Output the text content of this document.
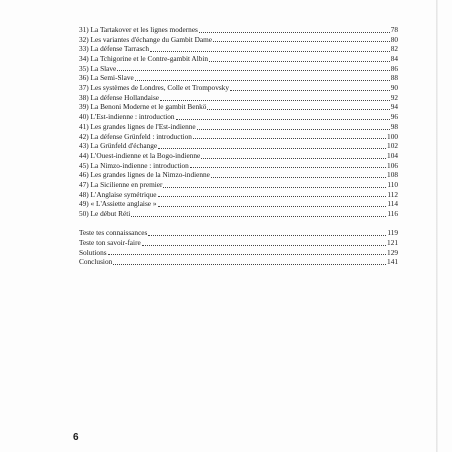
31) La Tartakover et les lignes modernes	78
32) Les variantes d'échange du Gambit Dame	80
33) La défense Tarrasch	82
34) La Tchigorine et le Contre-gambit Albin	84
35) La Slave	86
36) La Semi-Slave	88
37) Les systèmes de Londres, Colle et Trompovsky	90
38) La défense Hollandaise	92
39) La Benoni Moderne et le gambit Benkö	94
40) L'Est-indienne : introduction	96
41) Les grandes lignes de l'Est-indienne	98
42) La défense Grünfeld : introduction	100
43) La Grünfeld d'échange	102
44) L'Ouest-indienne et la Bogo-indienne	104
45) La Nimzo-indienne : introduction	106
46) Les grandes lignes de la Nimzo-indienne	108
47) La Sicilienne en premier	110
48) L'Anglaise symétrique	112
49) « L'Assiette anglaise »	114
50) Le début Réti	116
Teste tes connaissances	119
Teste ton savoir-faire	121
Solutions	129
Conclusion	141
6
